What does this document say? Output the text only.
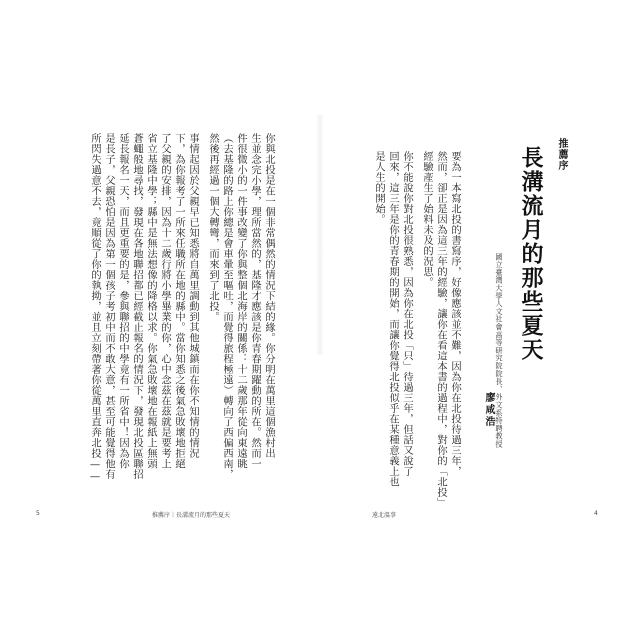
你與北投是在一個非常偶然的情況下結的緣。你分明在萬里這個漁村出
生並念完小學，理所當然的，基隆才應該是你青春期躍動的所在。然而一
件很微小的一件事改變了你與整個北海岸的關係：十二歲那年從向東遠眺
（去基隆的路上你總是會車暈至嘔吐，而覺得旅程極遠）轉向了西偏西南，
然後再經過一個大轉彎，而來到了北投。
事情起因於父親早已知悉將自萬里調動到其他城鎮而在你不知情的情況
下，為你報考了一所來任職所在地的縣中。當你知悉之後氣急敗壞地拒絕
了父親的安排，因為十二歲行將小學畢業的你，心中念茲在茲就是要考上
省立基隆中學；縣中是無法想像的降格以求。你氣急敗壞地在報紙上無頭
蒼蠅般地尋找，發現在各地聯招都已經截止報名的情況下，發現北投區聯招
延長報名一天，而且更重要的是，參與聯招的中學竟有一所省中！因為你
是長子，父親恐怕是因為第一個孩子考初中而不敢大意，甚至可能覺得他有
所閃失過意不去，竟順從了你的執拗，並且立刻帶著你從萬里直奔北投——
5	推薦序｜長溝流月的那些夏天
推薦序
長溝流月的那些夏天
國立臺灣大學人文社會高等研究院院長、外文系特聘教授
廖咸浩
要為一本寫北投的書寫序，好像應該並不難，因為你在北投待過三年，
然而，卻正是因為這三年的經驗，讓你在看這本書的過程中，對你的「北投」
經驗產生了始料未及的況思。
你不能說你對北投很熟悉，因為你在北投「只」待過三年，但話又說了
回來，這三年是你的青春期的開始，而讓你覺得北投似乎在某種意義上也
是人生的開始。
遠北溫事	4
